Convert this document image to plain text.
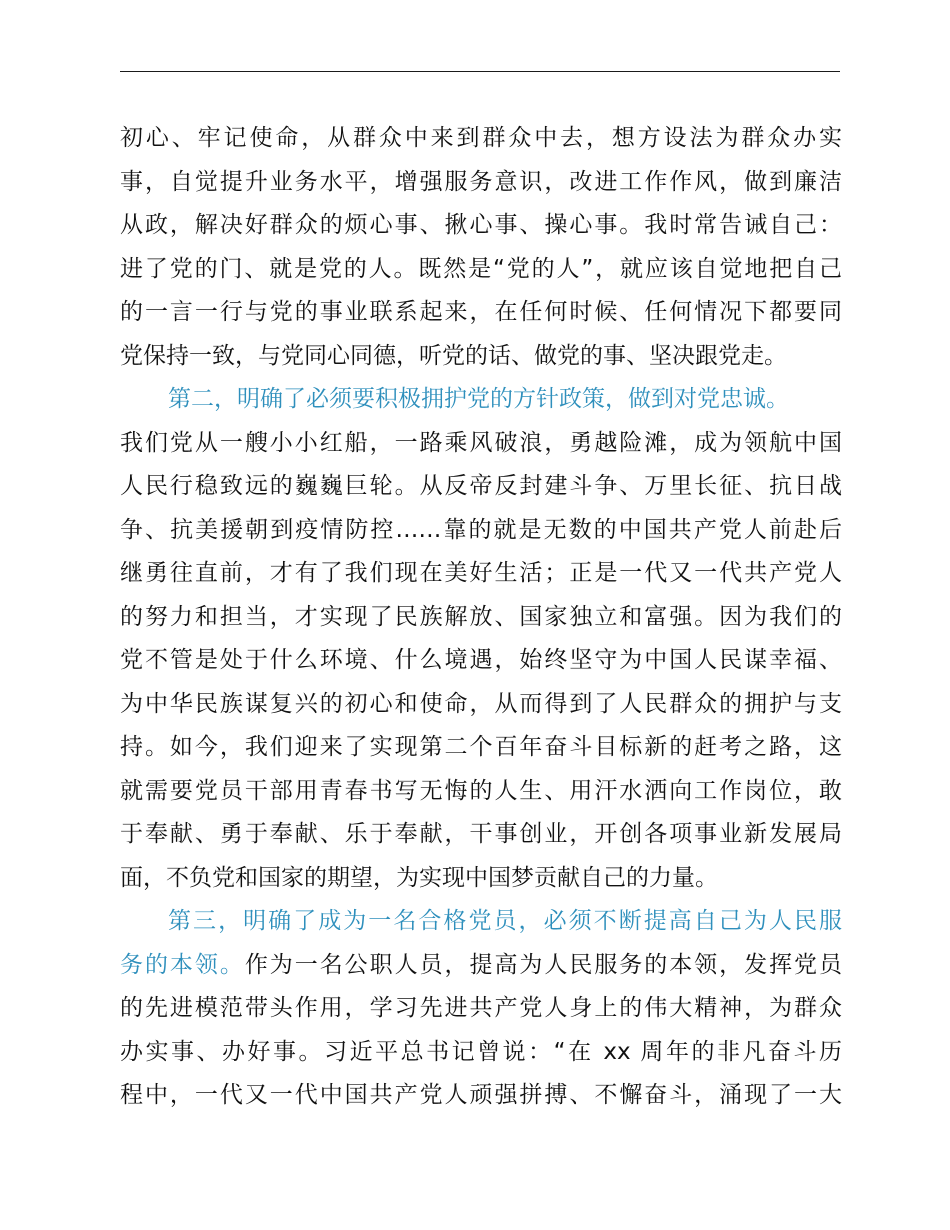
初心、牢记使命，从群众中来到群众中去，想方设法为群众办实
事，自觉提升业务水平，增强服务意识，改进工作作风，做到廉洁
从政，解决好群众的烦心事、揪心事、操心事。我时常告诫自己：
进了党的门、就是党的人。既然是“党的人”，就应该自觉地把自己
的一言一行与党的事业联系起来，在任何时候、任何情况下都要同
党保持一致，与党同心同德，听党的话、做党的事、坚决跟党走。
第二，明确了必须要积极拥护党的方针政策，做到对党忠诚。
我们党从一艘小小红船，一路乘风破浪，勇越险滩，成为领航中国
人民行稳致远的巍巍巨轮。从反帝反封建斗争、万里长征、抗日战
争、抗美援朝到疫情防控……靠的就是无数的中国共产党人前赴后
继勇往直前，才有了我们现在美好生活；正是一代又一代共产党人
的努力和担当，才实现了民族解放、国家独立和富强。因为我们的
党不管是处于什么环境、什么境遇，始终坚守为中国人民谋幸福、
为中华民族谋复兴的初心和使命，从而得到了人民群众的拥护与支
持。如今，我们迎来了实现第二个百年奋斗目标新的赶考之路，这
就需要党员干部用青春书写无悔的人生、用汗水洒向工作岗位，敢
于奉献、勇于奉献、乐于奉献，干事创业，开创各项事业新发展局
面，不负党和国家的期望，为实现中国梦贡献自己的力量。
第三，明确了成为一名合格党员，必须不断提高自己为人民服
务的本领。作为一名公职人员，提高为人民服务的本领，发挥党员
的先进模范带头作用，学习先进共产党人身上的伟大精神，为群众
办实事、办好事。习近平总书记曾说：“在 xx 周年的非凡奋斗历
程中，一代又一代中国共产党人顽强拼搏、不懈奋斗，涌现了一大
